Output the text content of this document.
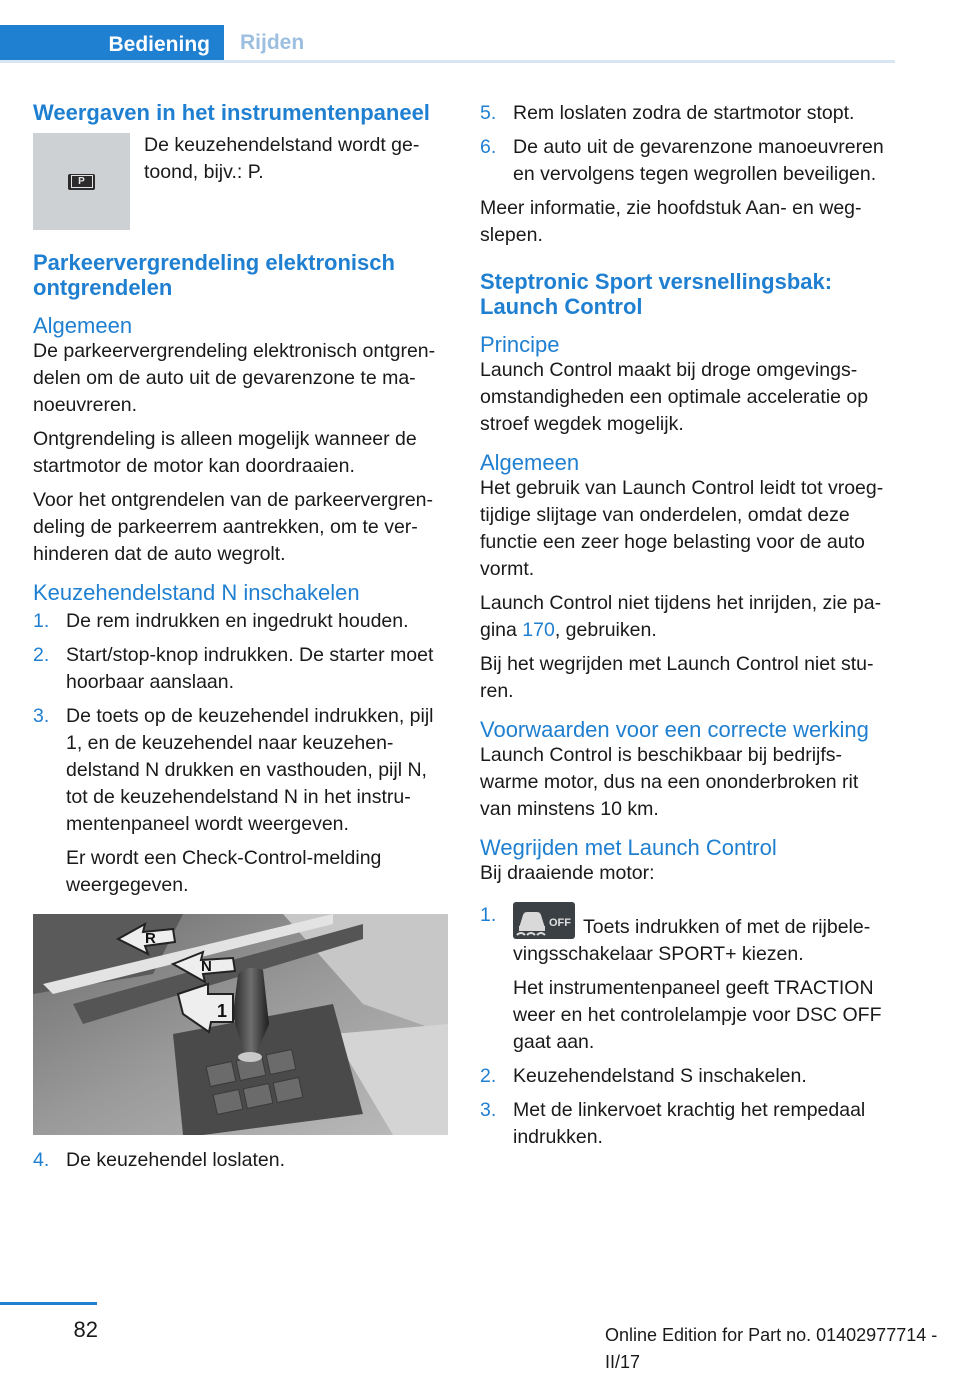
Bediening	Rijden
Weergaven in het instrumentenpaneel
P

De keuzehendelstand wordt ge‐toond, bijv.: P.

Parkeervergrendeling elektronisch ontgrendelen
Algemeen

De parkeervergrendeling elektronisch ontgren‐delen om de auto uit de gevarenzone te ma‐noeuvreren.

Ontgrendeling is alleen mogelijk wanneer de startmotor de motor kan doordraaien.

Voor het ontgrendelen van de parkeervergren‐deling de parkeerrem aantrekken, om te ver‐hinderen dat de auto wegrolt.

Keuzehendelstand N inschakelen
1. De rem indrukken en ingedrukt houden.
2. Start/stop-knop indrukken. De starter moet hoorbaar aanslaan.
3. De toets op de keuzehendel indrukken, pijl 1, en de keuzehendel naar keuzehen‐delstand N drukken en vasthouden, pijl N, tot de keuzehendelstand N in het instru‐mentenpaneel wordt weergeven.

Er wordt een Check-Control-melding weergegeven.

R
N
1
4. De keuzehendel loslaten.
5. Rem loslaten zodra de startmotor stopt.
6. De auto uit de gevarenzone manoeuvreren en vervolgens tegen wegrollen beveiligen.

Meer informatie, zie hoofdstuk Aan- en weg‐slepen.

Steptronic Sport versnellingsbak: Launch Control
Principe

Launch Control maakt bij droge omgevings‐omstandigheden een optimale acceleratie op stroef wegdek mogelijk.

Algemeen

Het gebruik van Launch Control leidt tot vroeg‐tijdige slijtage van onderdelen, omdat deze functie een zeer hoge belasting voor de auto vormt.

Launch Control niet tijdens het inrijden, zie pa‐gina 170, gebruiken.

Bij het wegrijden met Launch Control niet stu‐ren.

Voorwaarden voor een correcte werking

Launch Control is beschikbaar bij bedrijfs‐warme motor, dus na een ononderbroken rit van minstens 10 km.

Wegrijden met Launch Control

Bij draaiende motor:

1.	OFF Toets indrukken of met de rijbele‐vingsschakelaar SPORT+ kiezen.

Het instrumentenpaneel geeft TRACTION weer en het controlelampje voor DSC OFF gaat aan.

2. Keuzehendelstand S inschakelen.
3. Met de linkervoet krachtig het rempedaal indrukken.
82	Online Edition for Part no. 01402977714 - II/17
